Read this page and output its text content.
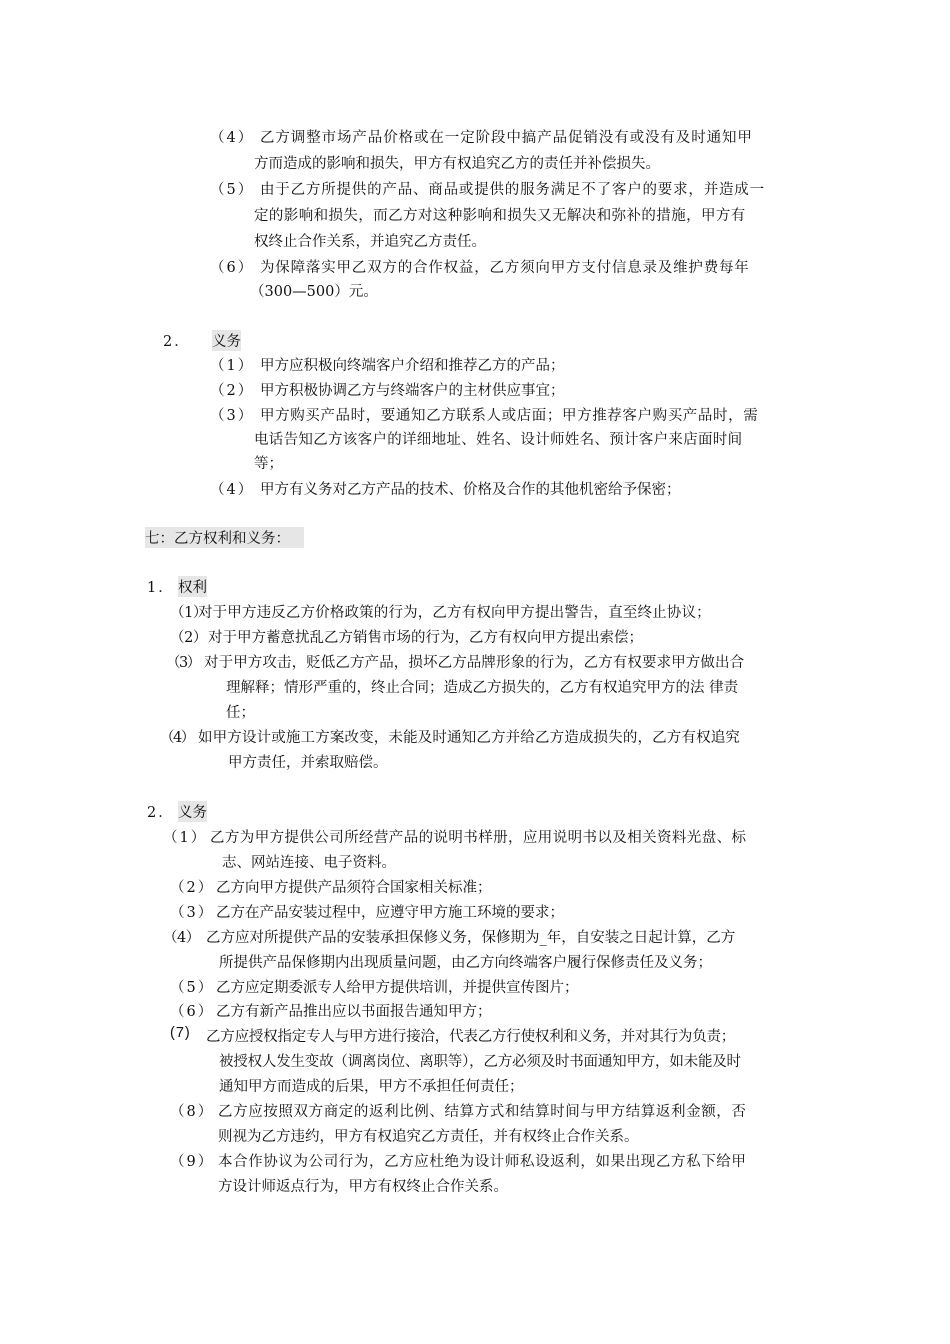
（4） 乙方调整市场产品价格或在一定阶段中搞产品促销没有或没有及时通知甲
方而造成的影响和损失，甲方有权追究乙方的责任并补偿损失。
（5） 由于乙方所提供的产品、商品或提供的服务满足不了客户的要求，并造成一
定的影响和损失，而乙方对这种影响和损失又无解决和弥补的措施，甲方有
权终止合作关系，并追究乙方责任。
（6） 为保障落实甲乙双方的合作权益，乙方须向甲方支付信息录及维护费每年
（300—500）元。
2． 义务
（1） 甲方应积极向终端客户介绍和推荐乙方的产品；
（2） 甲方积极协调乙方与终端客户的主材供应事宜；
（3） 甲方购买产品时，要通知乙方联系人或店面；甲方推荐客户购买产品时，需
电话告知乙方该客户的详细地址、姓名、设计师姓名、预计客户来店面时间
等；
（4） 甲方有义务对乙方产品的技术、价格及合作的其他机密给予保密；
七：乙方权利和义务：
1． 权利
（1）
对于甲方违反乙方价格政策的行为，乙方有权向甲方提出警告，直至终止协议；
（2） 对于甲方蓄意扰乱乙方销售市场的行为，乙方有权向甲方提出索偿；
（3） 对于甲方攻击，贬低乙方产品，损坏乙方品牌形象的行为，乙方有权要求甲方做出合
理解释；情形严重的，终止合同；造成乙方损失的，乙方有权追究甲方的法 律责
任；
（4） 如甲方设计或施工方案改变，未能及时通知乙方并给乙方造成损失的，乙方有权追究
甲方责任，并索取赔偿。
2． 义务
（1） 乙方为甲方提供公司所经营产品的说明书样册，应用说明书以及相关资料光盘、标
志、网站连接、电子资料。
（2） 乙方向甲方提供产品须符合国家相关标准；
（3） 乙方在产品安装过程中，应遵守甲方施工环境的要求；
（4） 乙方应对所提供产品的安装承担保修义务，保修期为_年，自安装之日起计算，乙方
所提供产品保修期内出现质量问题，由乙方向终端客户履行保修责任及义务；
（5） 乙方应定期委派专人给甲方提供培训，并提供宣传图片；
（6） 乙方有新产品推出应以书面报告通知甲方；
(7) 乙方应授权指定专人与甲方进行接洽，代表乙方行使权利和义务，并对其行为负责；
被授权人发生变故（调离岗位、离职等），乙方必须及时书面通知甲方，如未能及时
通知甲方而造成的后果，甲方不承担任何责任；
（8） 乙方应按照双方商定的返利比例、结算方式和结算时间与甲方结算返利金额，否
则视为乙方违约，甲方有权追究乙方责任，并有权终止合作关系。
（9） 本合作协议为公司行为，乙方应杜绝为设计师私设返利，如果出现乙方私下给甲
方设计师返点行为，甲方有权终止合作关系。
